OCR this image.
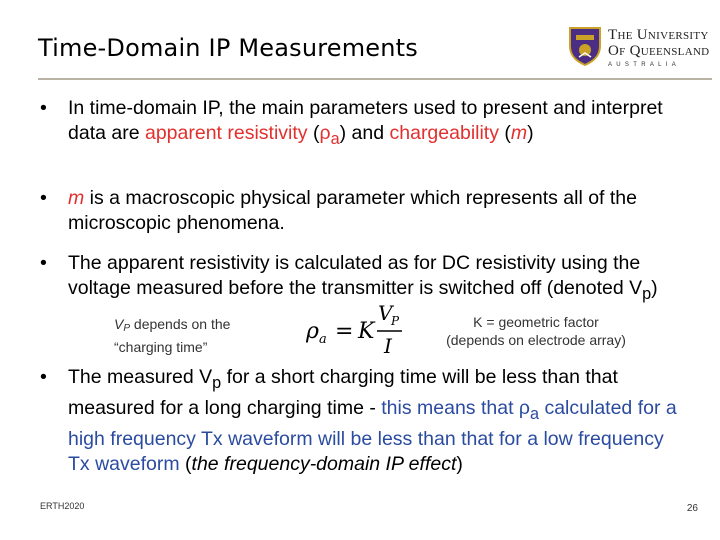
Time-Domain IP Measurements	The University
Of Queensland
AUSTRALIA
• In time-domain IP, the main parameters used to present and interpret data are apparent resistivity $(\rho_a)$ and chargeability (m)
• m is a macroscopic physical parameter which represents all of the microscopic phenomena.
• The apparent resistivity is calculated as for DC resistivity using the voltage measured before the transmitter is switched off (denoted $V_p$)
$V_P$ depends on the
“charging time”
ρ a = K
V
P
I
K = geometric factor
(depends on electrode array)
• The measured $V_p$ for a short charging time will be less than that measured for a long charging time - this means that $\rho_a$ calculated for a high frequency Tx waveform will be less than that for a low frequency Tx waveform (the frequency-domain IP effect)
ERTH2020	26
